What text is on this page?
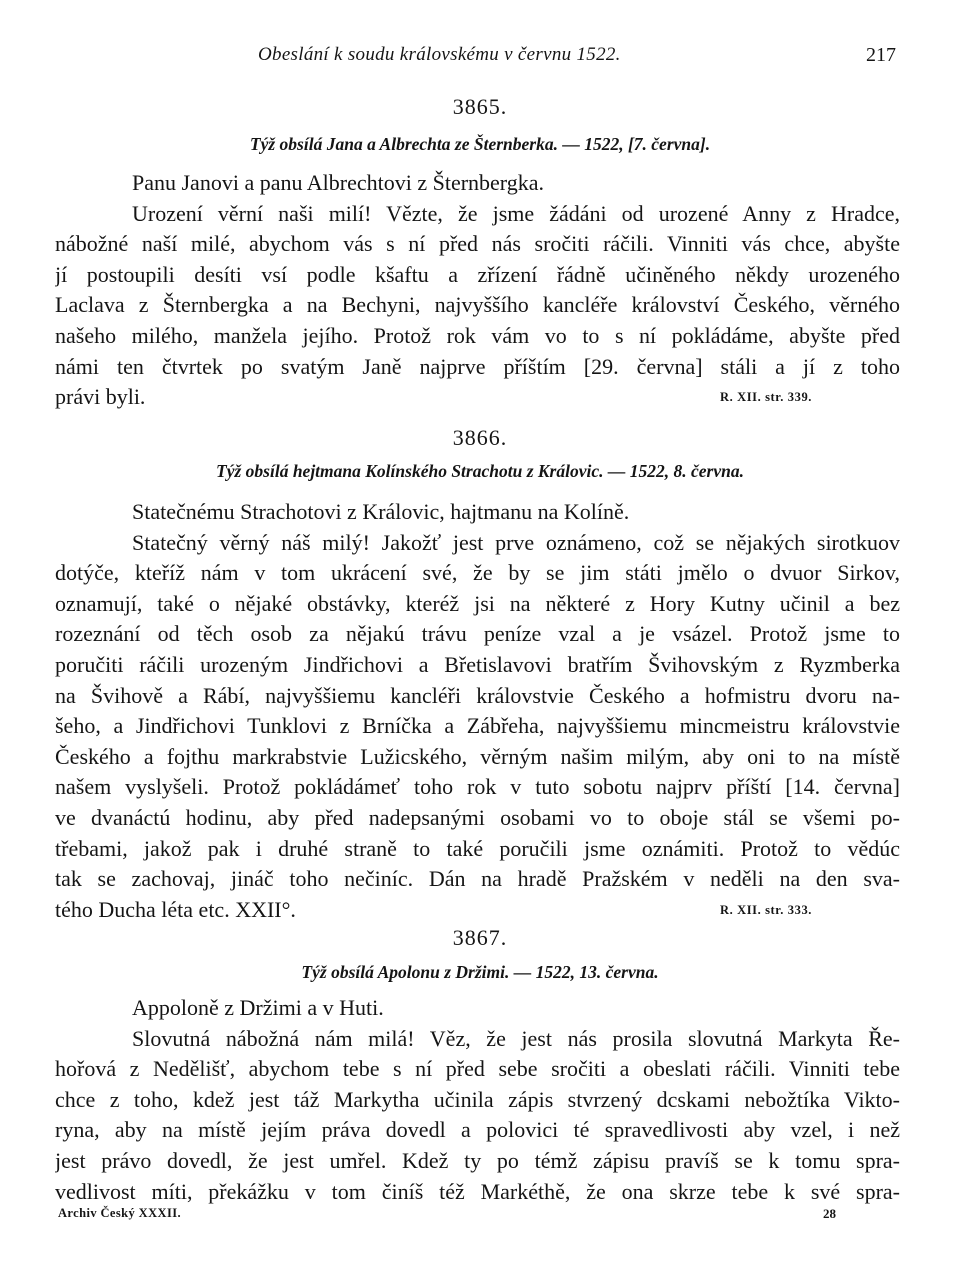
Obeslání k soudu královskému v červnu 1522.	217
3865.
Týž obsílá Jana a Albrechta ze Šternberka. — 1522, [7. června].
Panu Janovi a panu Albrechtovi z Šternbergka.
Urození věrní naši milí! Vězte, že jsme žádáni od urozené Anny z Hradce,
nábožné naší milé, abychom vás s ní před nás sročiti ráčili. Vinniti vás chce, abyšte
jí postoupili desíti vsí podle kšaftu a zřízení řádně učiněného někdy urozeného
Laclava z Šternbergka a na Bechyni, najvyššího kancléře království Českého, věrného
našeho milého, manžela jejího. Protož rok vám vo to s ní pokládáme, abyšte před
námi ten čtvrtek po svatým Janě najprve příštím [29. června] stáli a jí z toho
právi byli.	R. XII. str. 339.
3866.
Týž obsílá hejtmana Kolínského Strachotu z Královic. — 1522, 8. června.
Statečnému Strachotovi z Královic, hajtmanu na Kolíně.
Statečný věrný náš milý! Jakožť jest prve oznámeno, což se nějakých sirotkuov
dotýče, kteříž nám v tom ukrácení své, že by se jim státi jmělo o dvuor Sirkov,
oznamují, také o nějaké obstávky, kteréž jsi na některé z Hory Kutny učinil a bez
rozeznání od těch osob za nějakú trávu peníze vzal a je vsázel. Protož jsme to
poručiti ráčili urozeným Jindřichovi a Břetislavovi bratřím Švihovským z Ryzmberka
na Švihově a Rábí, najvyššiemu kancléři královstvie Českého a hofmistru dvoru na-
šeho, a Jindřichovi Tunklovi z Brníčka a Zábřeha, najvyššiemu mincmeistru královstvie
Českého a fojthu markrabstvie Lužicského, věrným našim milým, aby oni to na místě
našem vyslyšeli. Protož pokládámeť toho rok v tuto sobotu najprv příští [14. června]
ve dvanáctú hodinu, aby před nadepsanými osobami vo to oboje stál se všemi po-
třebami, jakož pak i druhé straně to také poručili jsme oznámiti. Protož to vědúc
tak se zachovaj, jináč toho nečiníc. Dán na hradě Pražském v neděli na den sva-
tého Ducha léta etc. XXII°.	R. XII. str. 333.
3867.
Týž obsílá Apolonu z Držimi. — 1522, 13. června.
Appoloně z Držimi a v Huti.
Slovutná nábožná nám milá! Věz, že jest nás prosila slovutná Markyta Ře-
hořová z Nedělišť, abychom tebe s ní před sebe sročiti a obeslati ráčili. Vinniti tebe
chce z toho, kdež jest táž Markytha učinila zápis stvrzený dcskami nebožtíka Vikto-
ryna, aby na místě jejím práva dovedl a polovici té spravedlivosti aby vzel, i než
jest právo dovedl, že jest umřel. Kdež ty po témž zápisu pravíš se k tomu spra-
vedlivost míti, překážku v tom činíš též Markéthě, že ona skrze tebe k své spra-
Archiv Český XXXII.	28
